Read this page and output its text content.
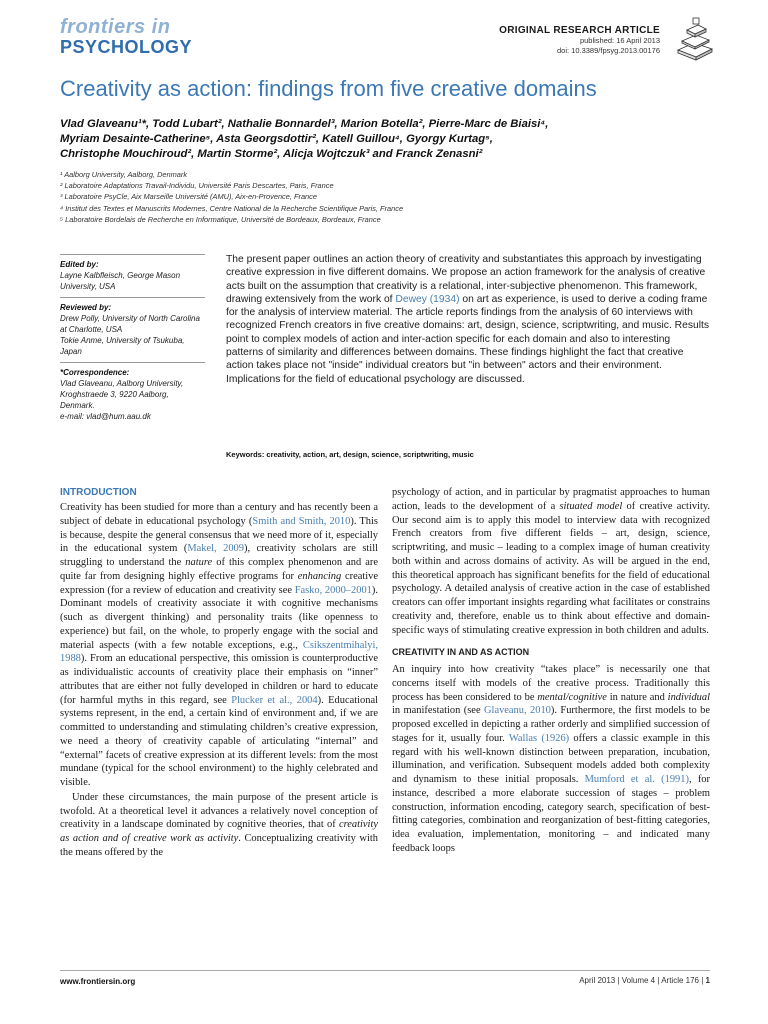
frontiers in
PSYCHOLOGY
ORIGINAL RESEARCH ARTICLE
published: 16 April 2013
doi: 10.3389/fpsyg.2013.00176
Creativity as action: findings from five creative domains
Vlad Glaveanu¹*, Todd Lubart², Nathalie Bonnardel³, Marion Botella², Pierre-Marc de Biaisi⁴,
Myriam Desainte-Catherine⁵, Asta Georgsdottir², Katell Guillou⁴, Gyorgy Kurtag⁵,
Christophe Mouchiroud², Martin Storme², Alicja Wojtczuk³ and Franck Zenasni²
¹ Aalborg University, Aalborg, Denmark
² Laboratoire Adaptations Travail-Individu, Université Paris Descartes, Paris, France
³ Laboratoire PsyCle, Aix Marseille Université (AMU), Aix-en-Provence, France
⁴ Institut des Textes et Manuscrits Modernes, Centre National de la Recherche Scientifique Paris, France
⁵ Laboratoire Bordelais de Recherche en Informatique, Université de Bordeaux, Bordeaux, France
Edited by:
Layne Kalbfleisch, George Mason University, USA
Reviewed by:
Drew Polly, University of North Carolina at Charlotte, USA
Tokie Anme, University of Tsukuba, Japan
*Correspondence:
Vlad Glaveanu, Aalborg University, Kroghstraede 3, 9220 Aalborg, Denmark.
e-mail: vlad@hum.aau.dk
The present paper outlines an action theory of creativity and substantiates this approach by investigating creative expression in five different domains. We propose an action framework for the analysis of creative acts built on the assumption that creativity is a relational, inter-subjective phenomenon. This framework, drawing extensively from the work of Dewey (1934) on art as experience, is used to derive a coding frame for the analysis of interview material. The article reports findings from the analysis of 60 interviews with recognized French creators in five creative domains: art, design, science, scriptwriting, and music. Results point to complex models of action and inter-action specific for each domain and also to interesting patterns of similarity and differences between domains. These findings highlight the fact that creative action takes place not "inside" individual creators but "in between" actors and their environment. Implications for the field of educational psychology are discussed.
Keywords: creativity, action, art, design, science, scriptwriting, music
INTRODUCTION

Creativity has been studied for more than a century and has recently been a subject of debate in educational psychology (Smith and Smith, 2010). This is because, despite the general consensus that we need more of it, especially in the educational system (Makel, 2009), creativity scholars are still struggling to understand the nature of this complex phenomenon and are quite far from designing highly effective programs for enhancing creative expression (for a review of education and creativity see Fasko, 2000–2001). Dominant models of creativity associate it with cognitive mechanisms (such as divergent thinking) and personality traits (like openness to experience) but fail, on the whole, to properly engage with the social and material aspects (with a few notable exceptions, e.g., Csikszentmihalyi, 1988). From an educational perspective, this omission is counterproductive as individualistic accounts of creativity place their emphasis on “inner” attributes that are either not fully developed in children or hard to educate (for harmful myths in this regard, see Plucker et al., 2004). Educational systems represent, in the end, a certain kind of environment and, if we are committed to understanding and stimulating children’s creative expression, we need a theory of creativity capable of articulating “internal” and “external” facets of creative expression at its different levels: from the most mundane (typical for the school environment) to the highly celebrated and visible.

Under these circumstances, the main purpose of the present article is twofold. At a theoretical level it advances a relatively novel conception of creativity in a landscape dominated by cognitive theories, that of creativity as action and of creative work as activity. Conceptualizing creativity with the means offered by the

psychology of action, and in particular by pragmatist approaches to human action, leads to the development of a situated model of creative activity. Our second aim is to apply this model to interview data with recognized French creators from five different fields – art, design, science, scriptwriting, and music – leading to a complex image of human creativity both within and across domains of activity. As will be argued in the end, this theoretical approach has significant benefits for the field of educational psychology. A detailed analysis of creative action in the case of established creators can offer important insights regarding what facilitates or constrains creativity and, therefore, enable us to think about effective and domain-specific ways of stimulating creative expression in both children and adults.

CREATIVITY IN AND AS ACTION

An inquiry into how creativity “takes place” is necessarily one that concerns itself with models of the creative process. Traditionally this process has been considered to be mental/cognitive in nature and individual in manifestation (see Glaveanu, 2010). Furthermore, the first models to be proposed excelled in depicting a rather orderly and simplified succession of stages for it, usually four. Wallas (1926) offers a classic example in this regard with his well-known distinction between preparation, incubation, illumination, and verification. Subsequent models added both complexity and dynamism to these initial proposals. Mumford et al. (1991), for instance, described a more elaborate succession of stages – problem construction, information encoding, category search, specification of best-fitting categories, combination and reorganization of best-fitting categories, idea evaluation, implementation, monitoring – and indicated many feedback loops

www.frontiersin.org	April 2013 | Volume 4 | Article 176 | 1
